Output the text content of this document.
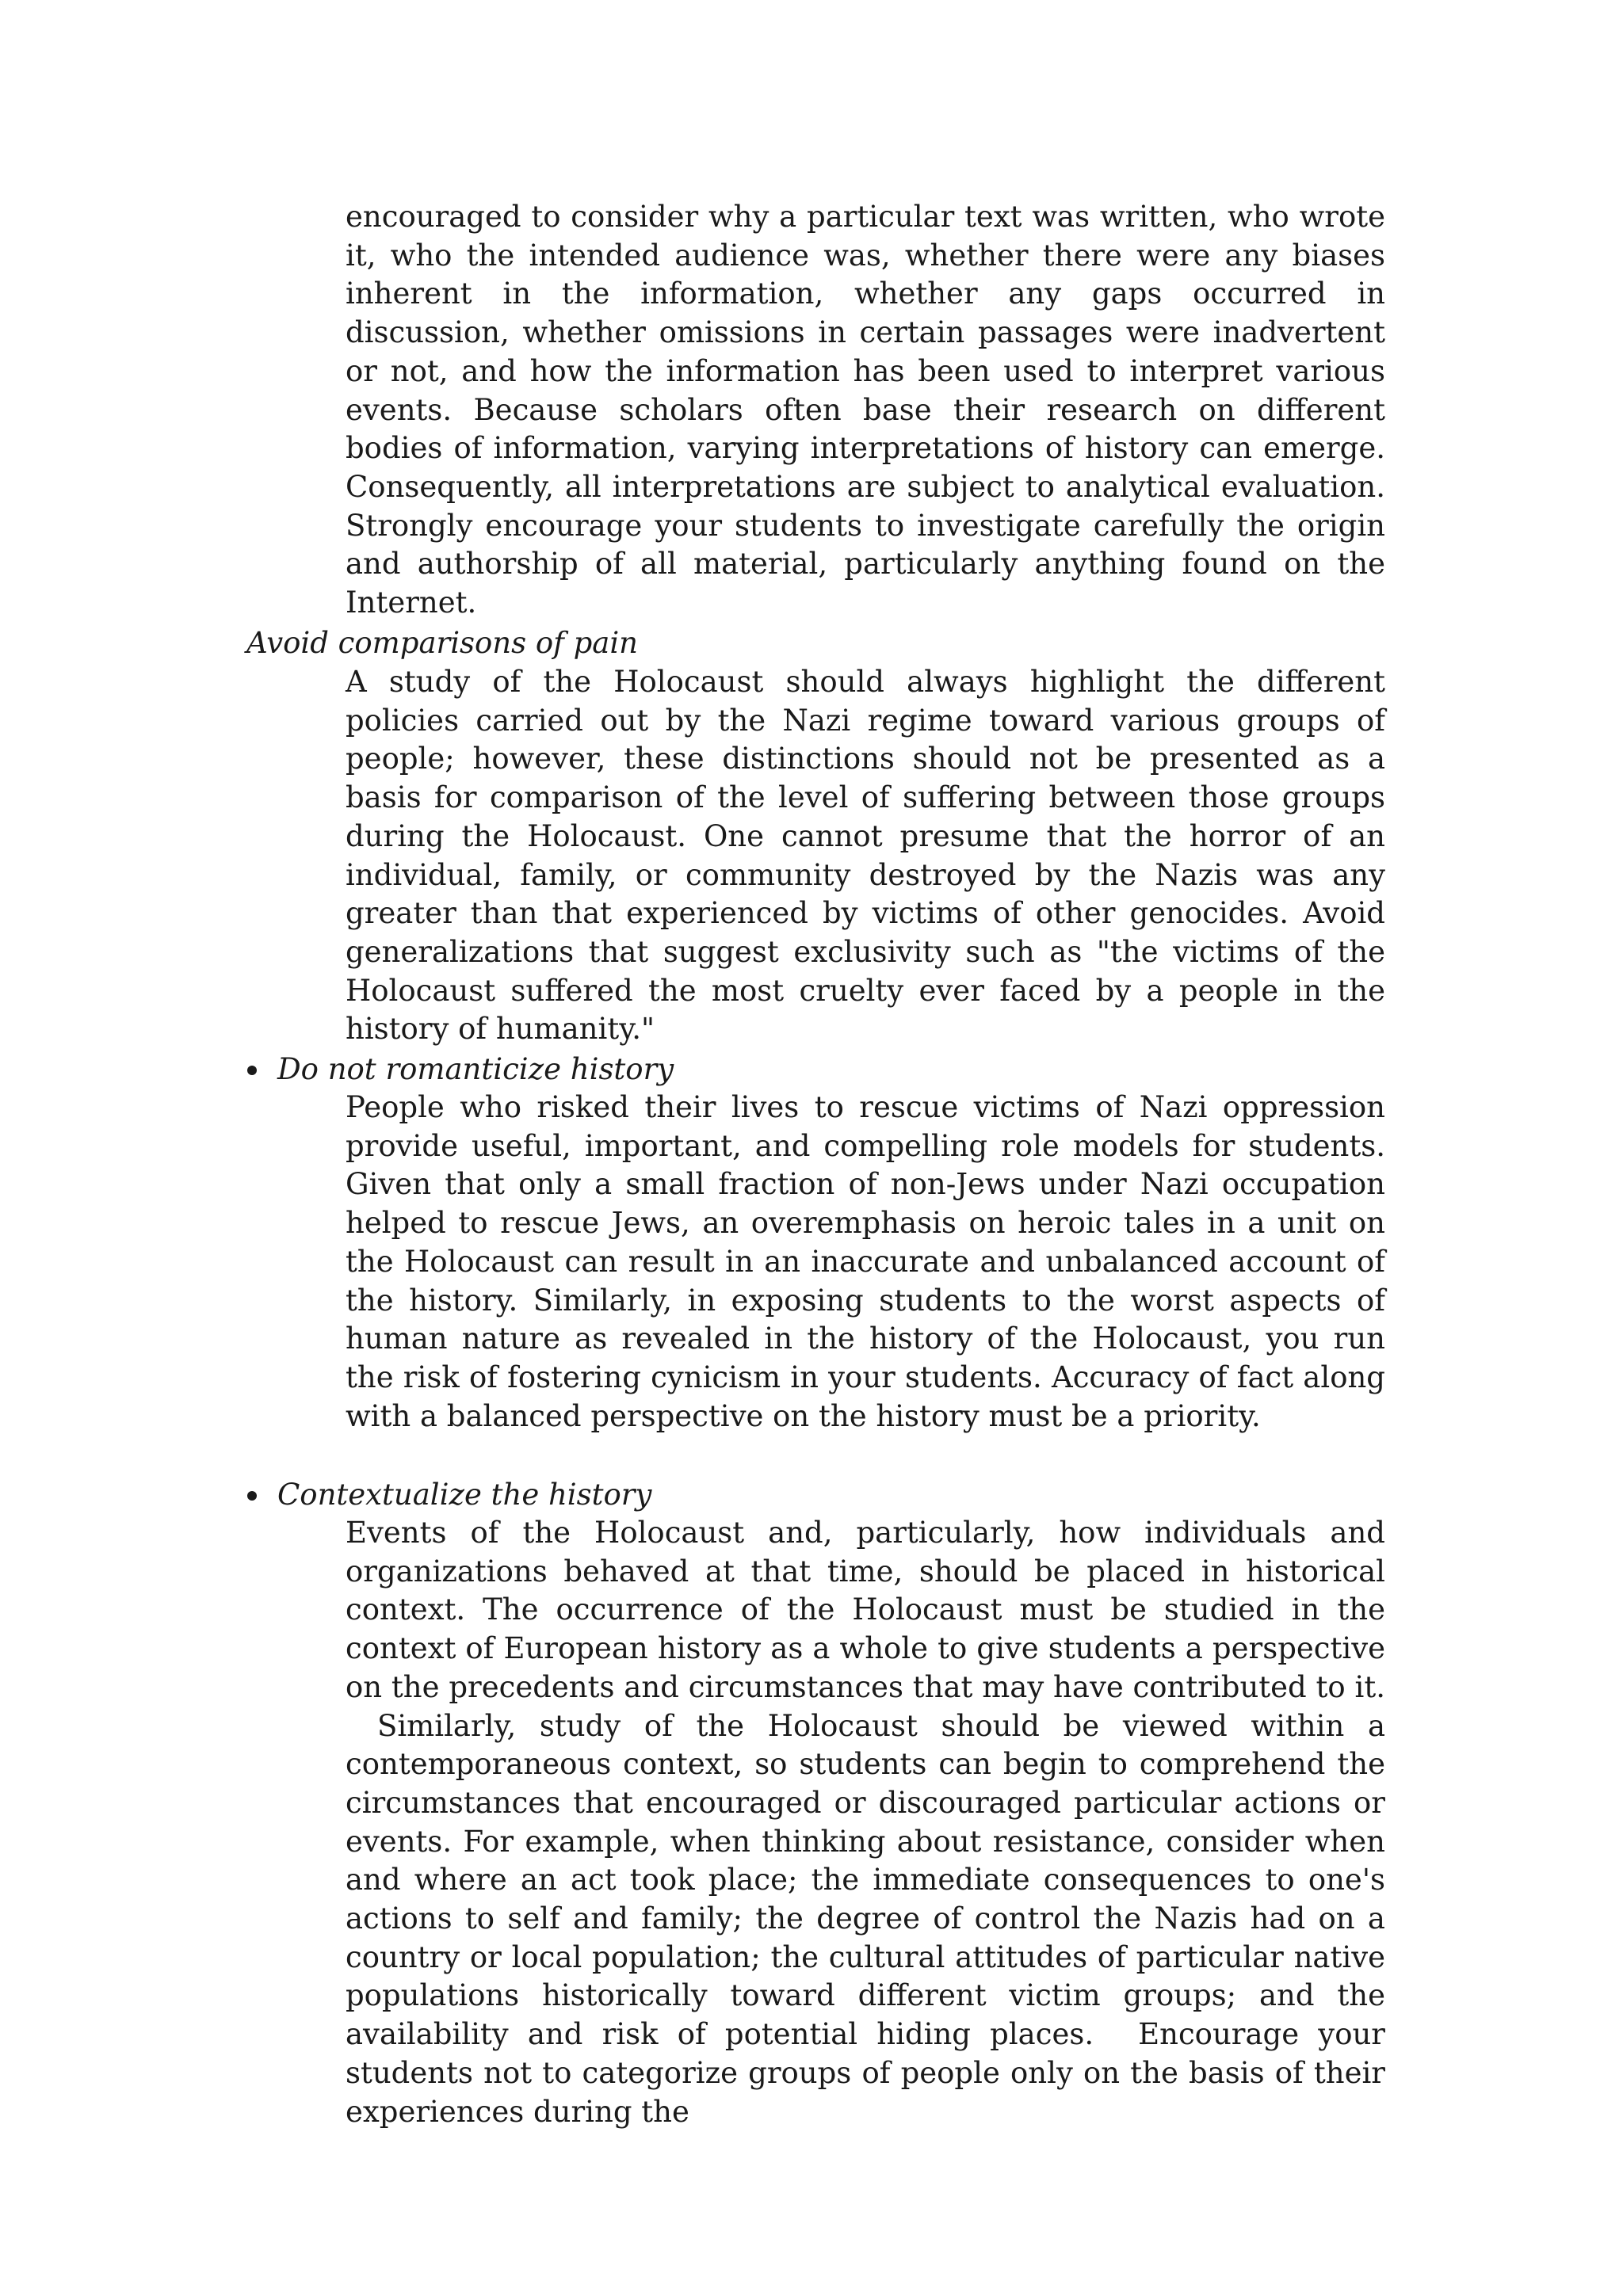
encouraged to consider why a particular text was written, who wrote it, who the intended audience was, whether there were any biases inherent in the information, whether any gaps occurred in discussion, whether omissions in certain passages were inadvertent or not, and how the information has been used to interpret various events. Because scholars often base their research on different bodies of information, varying interpretations of history can emerge. Consequently, all interpretations are subject to analytical evaluation. Strongly encourage your students to investigate carefully the origin and authorship of all material, particularly anything found on the Internet.

Avoid comparisons of pain

A study of the Holocaust should always highlight the different policies carried out by the Nazi regime toward various groups of people; however, these distinctions should not be presented as a basis for comparison of the level of suffering between those groups during the Holocaust. One cannot presume that the horror of an individual, family, or community destroyed by the Nazis was any greater than that experienced by victims of other genocides. Avoid generalizations that suggest exclusivity such as "the victims of the Holocaust suffered the most cruelty ever faced by a people in the history of humanity."

Do not romanticize history

People who risked their lives to rescue victims of Nazi oppression provide useful, important, and compelling role models for students. Given that only a small fraction of non-Jews under Nazi occupation helped to rescue Jews, an overemphasis on heroic tales in a unit on the Holocaust can result in an inaccurate and unbalanced account of the history. Similarly, in exposing students to the worst aspects of human nature as revealed in the history of the Holocaust, you run the risk of fostering cynicism in your students. Accuracy of fact along with a balanced perspective on the history must be a priority.

Contextualize the history

Events of the Holocaust and, particularly, how individuals and organizations behaved at that time, should be placed in historical context. The occurrence of the Holocaust must be studied in the context of European history as a whole to give students a perspective on the precedents and circumstances that may have contributed to it.Similarly, study of the Holocaust should be viewed within a contemporaneous context, so students can begin to comprehend the circumstances that encouraged or discouraged particular actions or events. For example, when thinking about resistance, consider when and where an act took place; the immediate consequences to one's actions to self and family; the degree of control the Nazis had on a country or local population; the cultural attitudes of particular native populations historically toward different victim groups; and the availability and risk of potential hiding places. Encourage your students not to categorize groups of people only on the basis of their experiences during the
